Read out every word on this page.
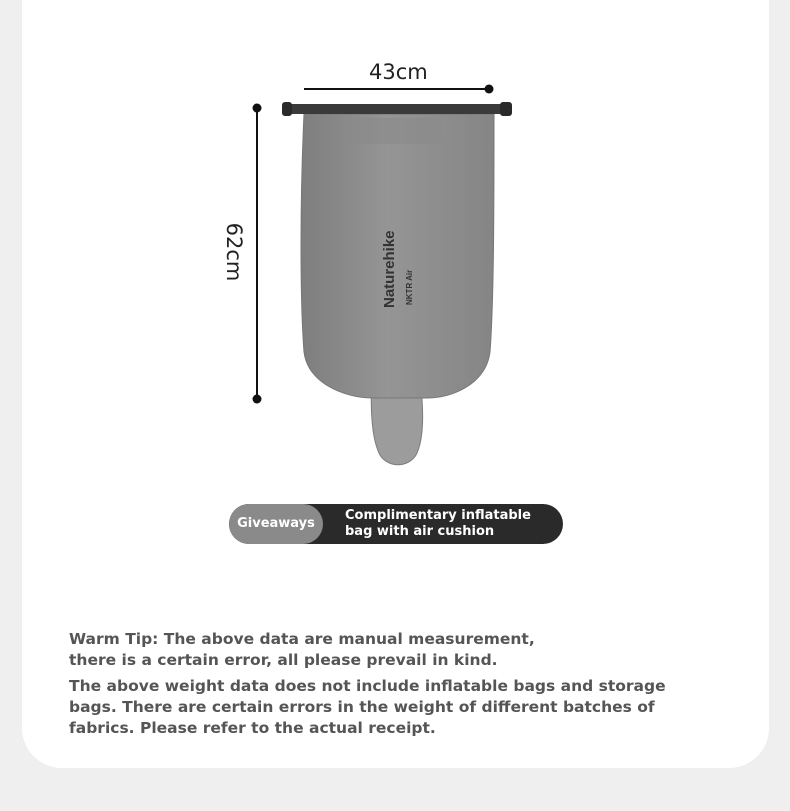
Naturehike NKTR Air
43cm
62cm
Giveaways
Complimentary inflatable
bag with air cushion
Warm Tip: The above data are manual measurement,
there is a certain error, all please prevail in kind.

The above weight data does not include inflatable bags and storage bags. There are certain errors in the weight of different batches of fabrics. Please refer to the actual receipt.
